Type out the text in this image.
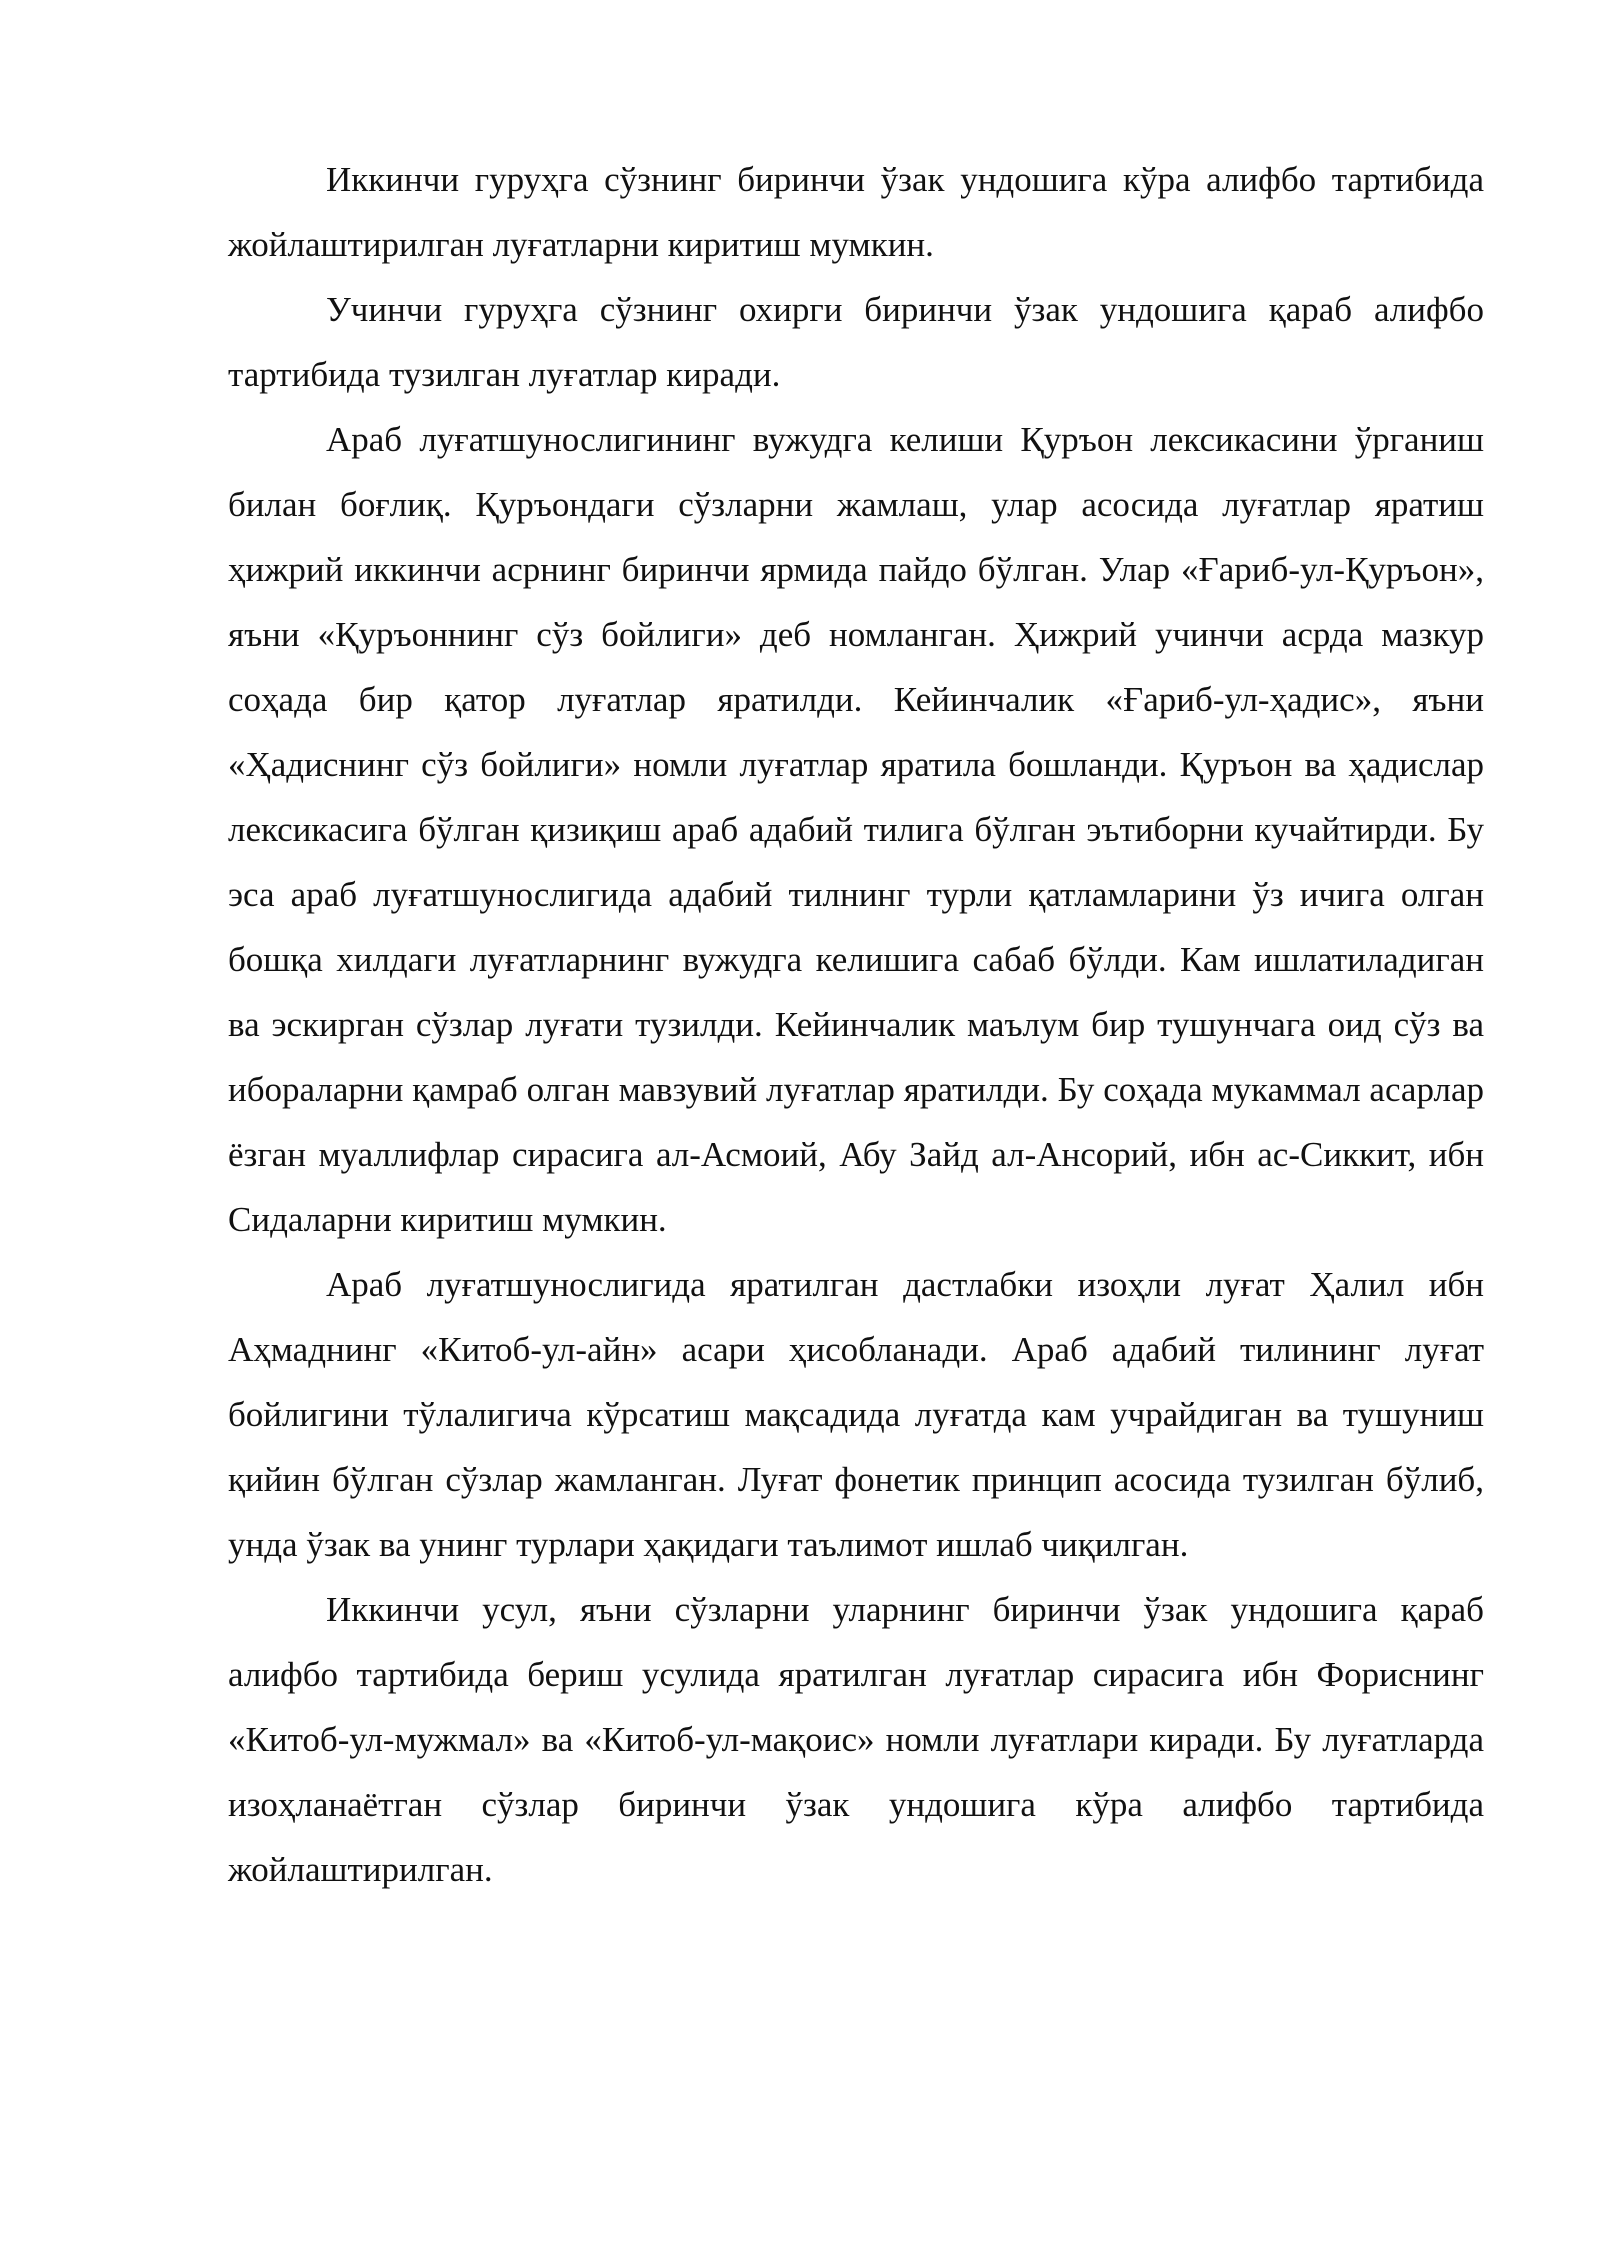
Иккинчи гуруҳга сўзнинг биринчи ўзак ундошига кўра алифбо тартибида жойлаштирилган луғатларни киритиш мумкин.

Учинчи гуруҳга сўзнинг охирги биринчи ўзак ундошига қараб алифбо тартибида тузилган луғатлар киради.

Араб луғатшунослигининг вужудга келиши Қуръон лексикасини ўрганиш билан боғлиқ. Қуръондаги сўзларни жамлаш, улар асосида луғатлар яратиш ҳижрий иккинчи асрнинг биринчи ярмида пайдо бўлган. Улар «Ғариб-ул-Қуръон», яъни «Қуръоннинг сўз бойлиги» деб номланган. Ҳижрий учинчи асрда мазкур соҳада бир қатор луғатлар яратилди. Кейинчалик «Ғариб-ул-ҳадис», яъни «Ҳадиснинг сўз бойлиги» номли луғатлар яратила бошланди. Қуръон ва ҳадислар лексикасига бўлган қизиқиш араб адабий тилига бўлган эътиборни кучайтирди. Бу эса араб луғатшунослигида адабий тилнинг турли қатламларини ўз ичига олган бошқа хилдаги луғатларнинг вужудга келишига сабаб бўлди. Кам ишлатиладиган ва эскирган сўзлар луғати тузилди. Кейинчалик маълум бир тушунчага оид сўз ва ибораларни қамраб олган мавзувий луғатлар яратилди. Бу соҳада мукаммал асарлар ёзган муаллифлар сирасига ал-Асмоий, Абу Зайд ал-Ансорий, ибн ас-Сиккит, ибн Сидаларни киритиш мумкин.

Араб луғатшунослигида яратилган дастлабки изоҳли луғат Ҳалил ибн Аҳмаднинг «Китоб-ул-айн» асари ҳисобланади. Араб адабий тилининг луғат бойлигини тўлалигича кўрсатиш мақсадида луғатда кам учрайдиган ва тушуниш қийин бўлган сўзлар жамланган. Луғат фонетик принцип асосида тузилган бўлиб, унда ўзак ва унинг турлари ҳақидаги таълимот ишлаб чиқилган.

Иккинчи усул, яъни сўзларни уларнинг биринчи ўзак ундошига қараб алифбо тартибида бериш усулида яратилган луғатлар сирасига ибн Фориснинг «Китоб-ул-мужмал» ва «Китоб-ул-мақоис» номли луғатлари киради. Бу луғатларда изоҳланаётган сўзлар биринчи ўзак ундошига кўра алифбо тартибида жойлаштирилган.
